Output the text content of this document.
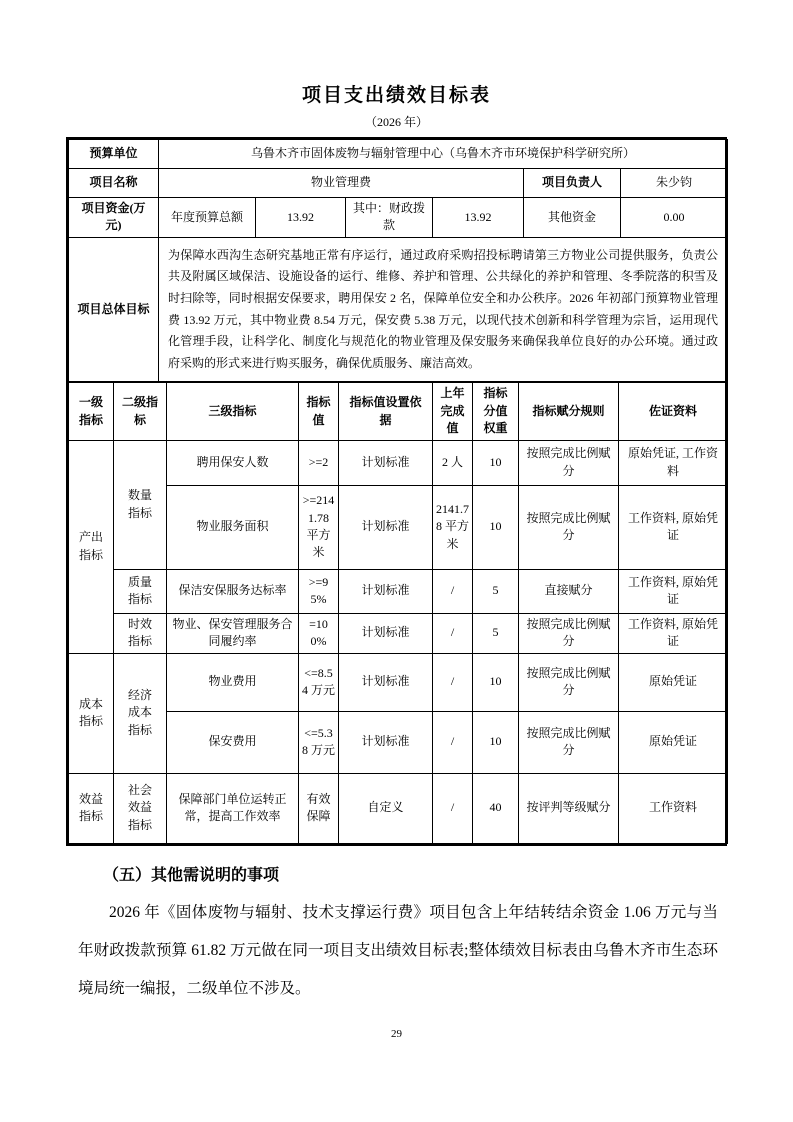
项目支出绩效目标表
（2026 年）
预算单位	乌鲁木齐市固体废物与辐射管理中心（乌鲁木齐市环境保护科学研究所）					
项目名称	物业管理费				项目负责人	朱少钧
项目资金(万元)	年度预算总额	13.92	其中：财政拨款	13.92	其他资金	0.00
项目总体目标	为保障水西沟生态研究基地正常有序运行，通过政府采购招投标聘请第三方物业公司提供服务，负责公共及附属区域保洁、设施设备的运行、维修、养护和管理、公共绿化的养护和管理、冬季院落的积雪及时扫除等，同时根据安保要求，聘用保安 2 名，保障单位安全和办公秩序。2026 年初部门预算物业管理费 13.92 万元，其中物业费 8.54 万元，保安费 5.38 万元，以现代技术创新和科学管理为宗旨，运用现代化管理手段，让科学化、制度化与规范化的物业管理及保安服务来确保我单位良好的办公环境。通过政府采购的形式来进行购买服务，确保优质服务、廉洁高效。					
一级指标	二级指标	三级指标	指标值	指标值设置依据	上年完成值	指标分值权重	指标赋分规则	佐证资料
产出指标	数量指标	聘用保安人数	>=2	计划标准	2 人	10	按照完成比例赋分	原始凭证, 工作资料
		物业服务面积	>=2141.78 平方米	计划标准	2141.78 平方米	10	按照完成比例赋分	工作资料, 原始凭证
	质量指标	保洁安保服务达标率	>=95%	计划标准	/	5	直接赋分	工作资料, 原始凭证
	时效指标	物业、保安管理服务合同履约率	=100%	计划标准	/	5	按照完成比例赋分	工作资料, 原始凭证
成本指标	经济成本指标	物业费用	<=8.54 万元	计划标准	/	10	按照完成比例赋分	原始凭证
		保安费用	<=5.38 万元	计划标准	/	10	按照完成比例赋分	原始凭证
效益指标	社会效益指标	保障部门单位运转正常，提高工作效率	有效保障	自定义	/	40	按评判等级赋分	工作资料
（五）其他需说明的事项
2026 年《固体废物与辐射、技术支撑运行费》项目包含上年结转结余资金 1.06 万元与当年财政拨款预算 61.82 万元做在同一项目支出绩效目标表;整体绩效目标表由乌鲁木齐市生态环境局统一编报，二级单位不涉及。
29
